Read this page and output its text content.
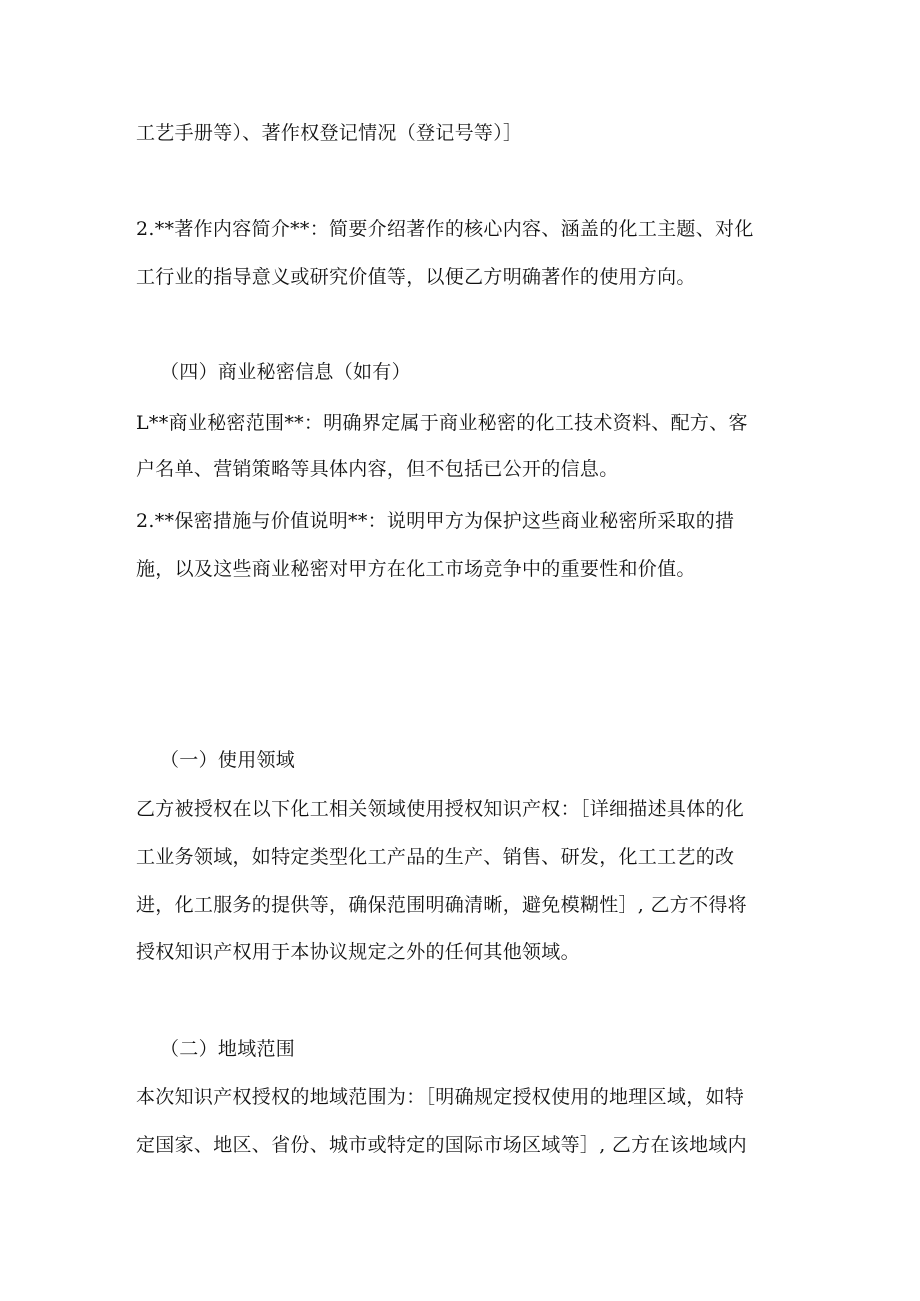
工艺手册等）、著作权登记情况（登记号等）］
2.**著作内容简介**：简要介绍著作的核心内容、涵盖的化工主题、对化
工行业的指导意义或研究价值等，以便乙方明确著作的使用方向。
（四）商业秘密信息（如有）
L**商业秘密范围**：明确界定属于商业秘密的化工技术资料、配方、客
户名单、营销策略等具体内容，但不包括已公开的信息。
2.**保密措施与价值说明**：说明甲方为保护这些商业秘密所采取的措
施，以及这些商业秘密对甲方在化工市场竞争中的重要性和价值。
（一）使用领域
乙方被授权在以下化工相关领域使用授权知识产权：［详细描述具体的化
工业务领域，如特定类型化工产品的生产、销售、研发，化工工艺的改
进，化工服务的提供等，确保范围明确清晰，避免模糊性］, 乙方不得将
授权知识产权用于本协议规定之外的任何其他领域。
（二）地域范围
本次知识产权授权的地域范围为：［明确规定授权使用的地理区域，如特
定国家、地区、省份、城市或特定的国际市场区域等］, 乙方在该地域内
